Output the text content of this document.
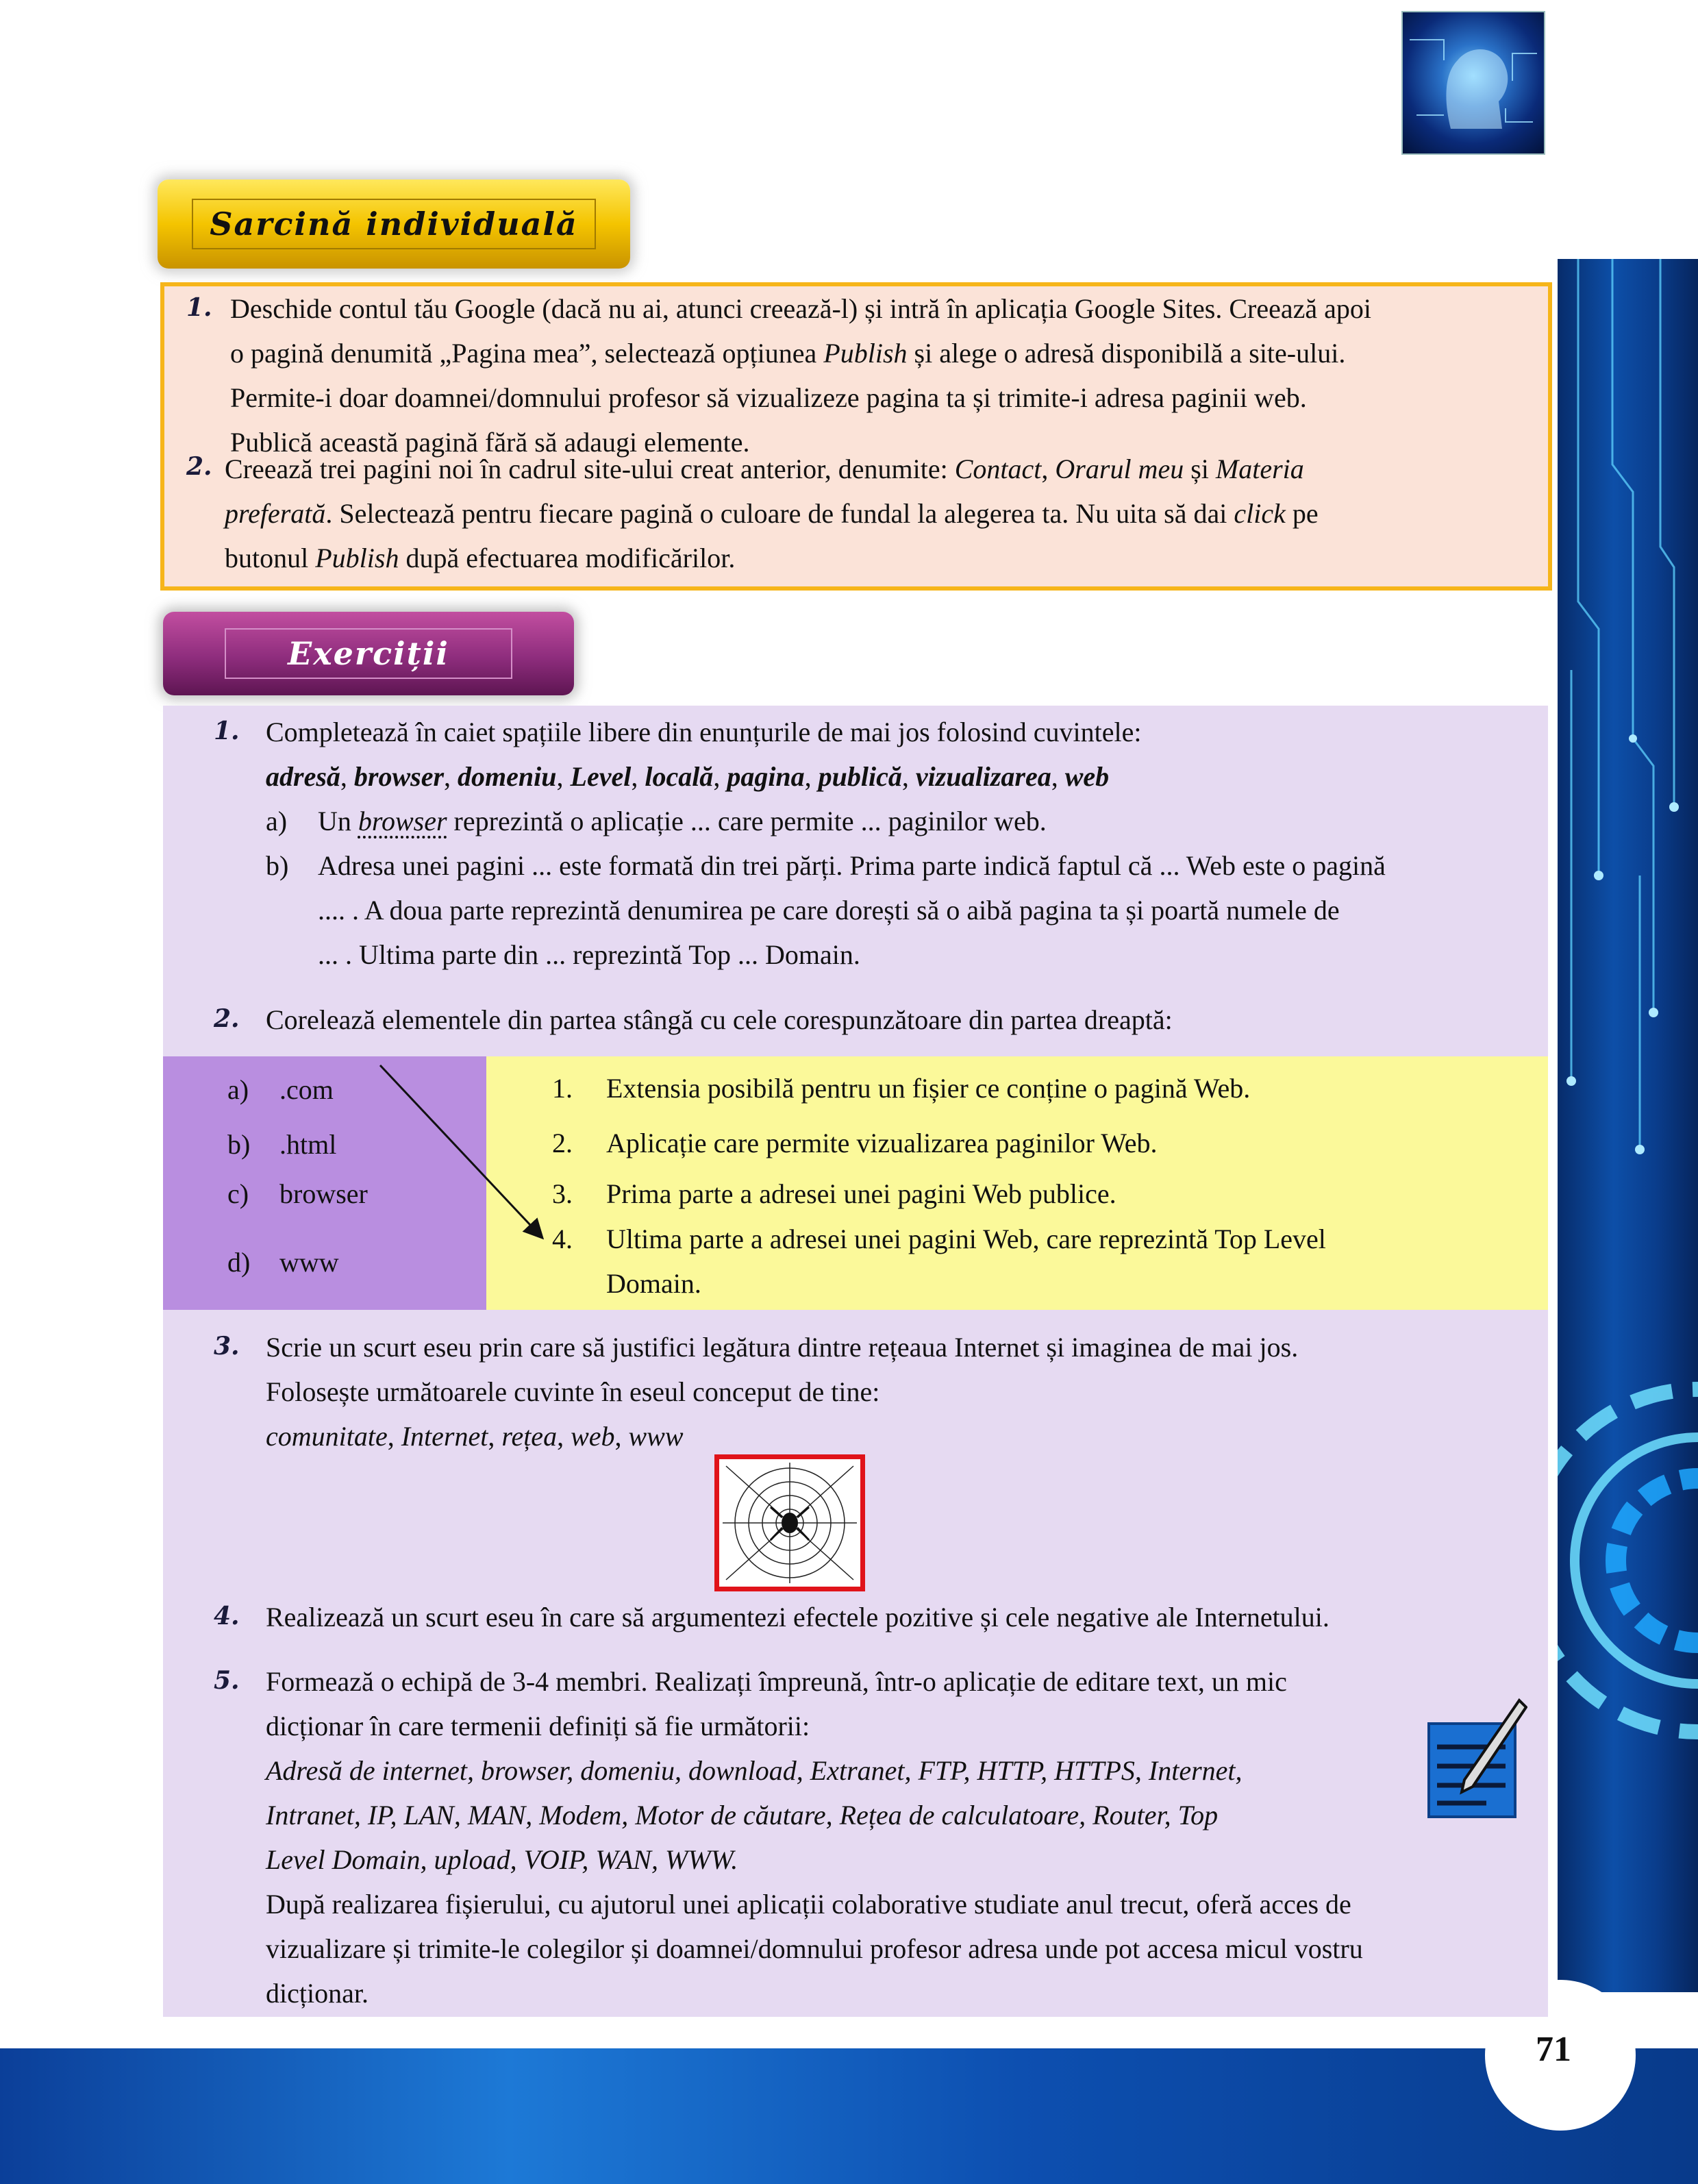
71
Sarcină individuală
1. Deschide contul tău Google (dacă nu ai, atunci creează-l) și intră în aplicația Google Sites. Creează apoi
o pagină denumită „Pagina mea”, selectează opțiunea Publish și alege o adresă disponibilă a site-ului.
Permite-i doar doamnei/domnului profesor să vizualizeze pagina ta și trimite-i adresa paginii web.
Publică această pagină fără să adaugi elemente.
2. Creează trei pagini noi în cadrul site-ului creat anterior, denumite: Contact, Orarul meu și Materia
preferată. Selectează pentru fiecare pagină o culoare de fundal la alegerea ta. Nu uita să dai click pe
butonul Publish după efectuarea modificărilor.
Exerciții
1. Completează în caiet spațiile libere din enunțurile de mai jos folosind cuvintele:
adresă, browser, domeniu, Level, locală, pagina, publică, vizualizarea, web
a) Un browser reprezintă o aplicație ... care permite ... paginilor web.
b) Adresa unei pagini ... este formată din trei părți. Prima parte indică faptul că ... Web este o pagină
.... . A doua parte reprezintă denumirea pe care dorești să o aibă pagina ta și poartă numele de
... . Ultima parte din ... reprezintă Top ... Domain.
2. Corelează elementele din partea stângă cu cele corespunzătoare din partea dreaptă:
a) .com
b) .html
c) browser
d) www
1. Extensia posibilă pentru un fișier ce conține o pagină Web.
2. Aplicație care permite vizualizarea paginilor Web.
3. Prima parte a adresei unei pagini Web publice.
4. Ultima parte a adresei unei pagini Web, care reprezintă Top Level
Domain.
3. Scrie un scurt eseu prin care să justifici legătura dintre rețeaua Internet și imaginea de mai jos.
Folosește următoarele cuvinte în eseul conceput de tine:
comunitate, Internet, rețea, web, www
4. Realizează un scurt eseu în care să argumentezi efectele pozitive și cele negative ale Internetului.
5. Formează o echipă de 3-4 membri. Realizați împreună, într-o aplicație de editare text, un mic
dicționar în care termenii definiți să fie următorii:
Adresă de internet, browser, domeniu, download, Extranet, FTP, HTTP, HTTPS, Internet,
Intranet, IP, LAN, MAN, Modem, Motor de căutare, Rețea de calculatoare, Router, Top
Level Domain, upload, VOIP, WAN, WWW.
După realizarea fișierului, cu ajutorul unei aplicații colaborative studiate anul trecut, oferă acces de
vizualizare și trimite-le colegilor și doamnei/domnului profesor adresa unde pot accesa micul vostru
dicționar.
